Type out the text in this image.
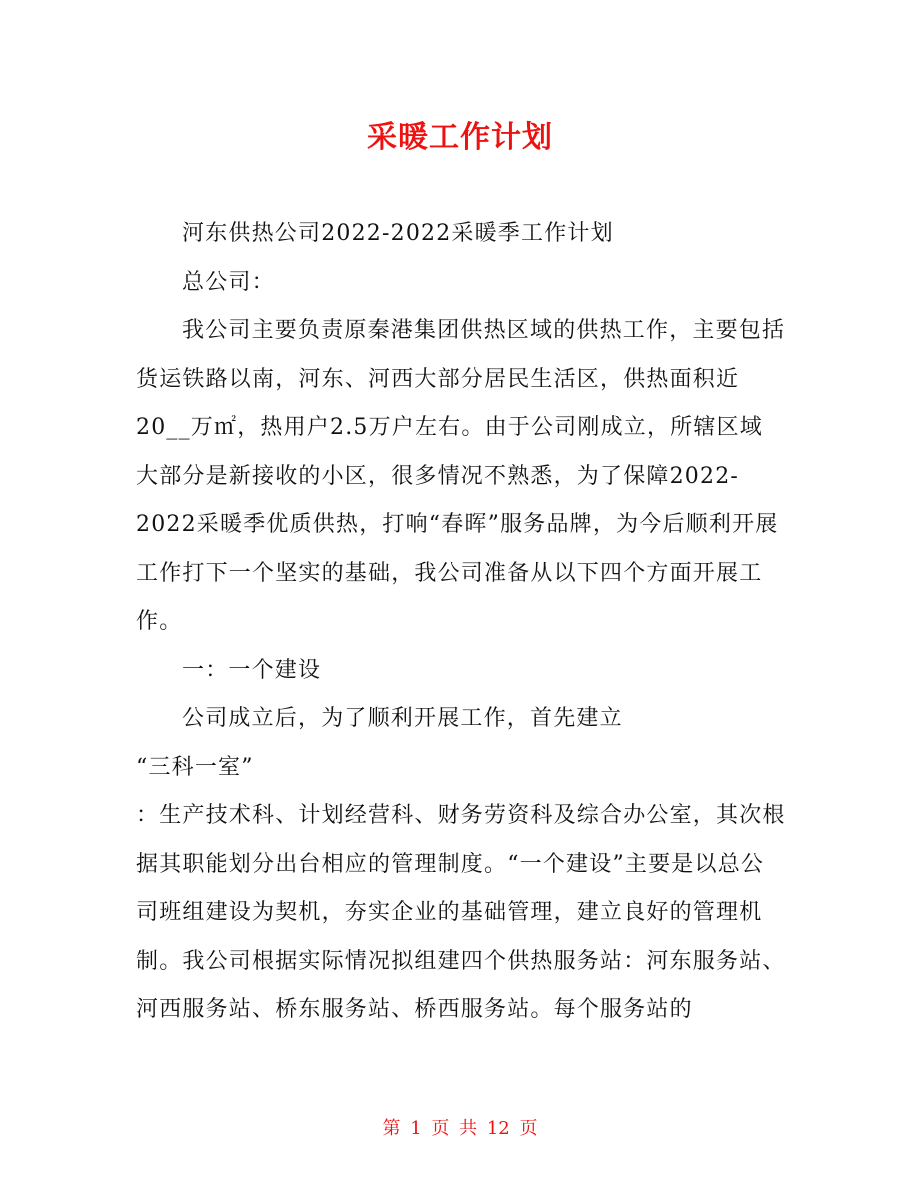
采暖工作计划

河东供热公司2022-2022采暖季工作计划

总公司：

我公司主要负责原秦港集团供热区域的供热工作，主要包括货运铁路以南，河东、河西大部分居民生活区，供热面积近20__万㎡，热用户2.5万户左右。由于公司刚成立，所辖区域大部分是新接收的小区，很多情况不熟悉，为了保障2022-2022采暖季优质供热，打响“春晖”服务品牌，为今后顺利开展工作打下一个坚实的基础，我公司准备从以下四个方面开展工作。

一：一个建设

公司成立后，为了顺利开展工作，首先建立

“三科一室”

：生产技术科、计划经营科、财务劳资科及综合办公室，其次根据其职能划分出台相应的管理制度。“一个建设”主要是以总公司班组建设为契机，夯实企业的基础管理，建立良好的管理机制。我公司根据实际情况拟组建四个供热服务站：河东服务站、河西服务站、桥东服务站、桥西服务站。每个服务站的

第 1 页 共 12 页
